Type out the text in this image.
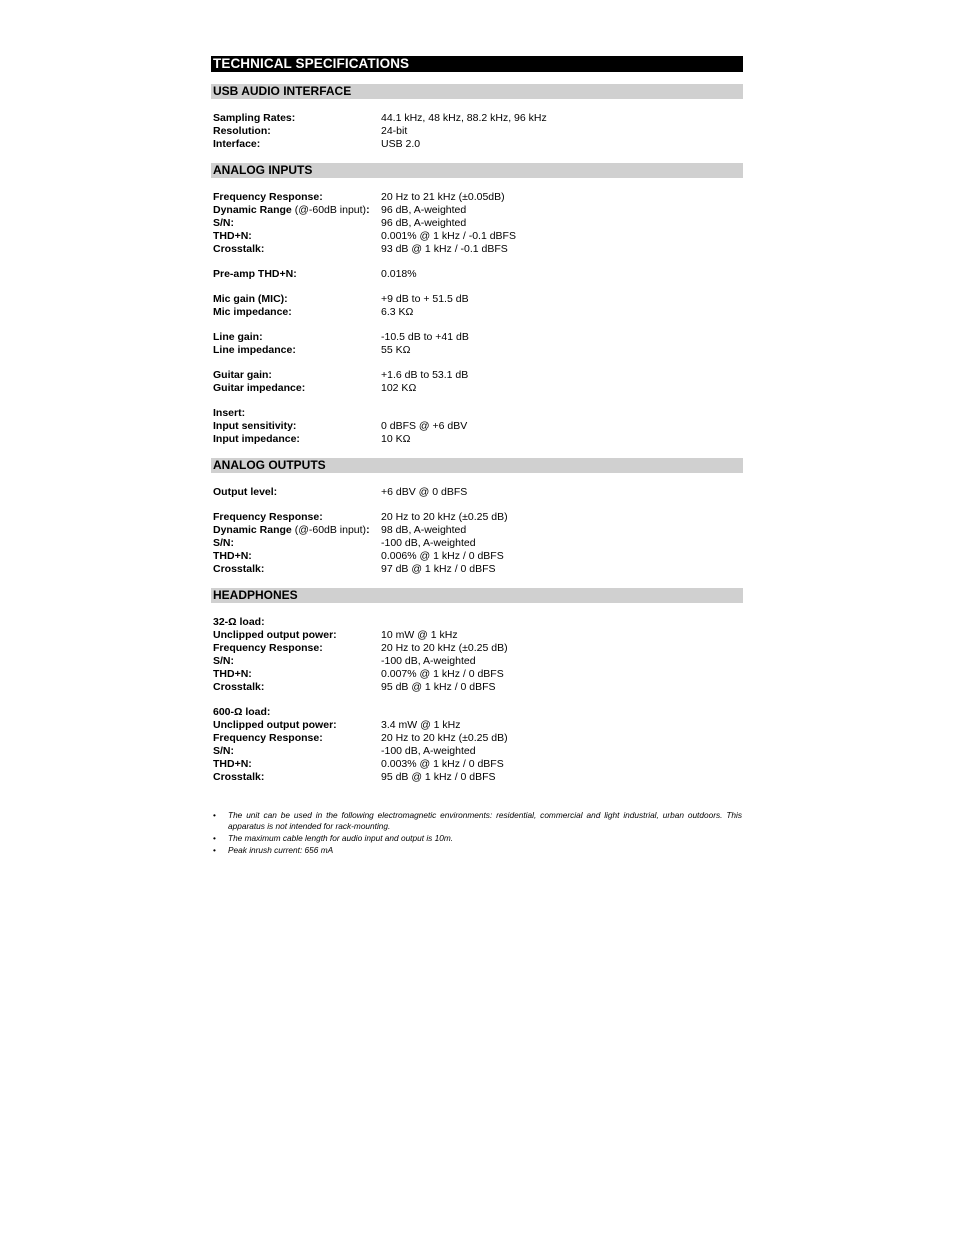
TECHNICAL SPECIFICATIONS
USB AUDIO INTERFACE
Sampling Rates:	44.1 kHz, 48 kHz, 88.2 kHz, 96 kHz
Resolution:	24-bit
Interface:	USB 2.0
ANALOG INPUTS
Frequency Response:	20 Hz to 21 kHz (±0.05dB)
Dynamic Range (@-60dB input):	96 dB, A-weighted
S/N:	96 dB, A-weighted
THD+N:	0.001% @ 1 kHz / -0.1 dBFS
Crosstalk:	93 dB @ 1 kHz / -0.1 dBFS
Pre-amp THD+N:	0.018%
Mic gain (MIC):	+9 dB to + 51.5 dB
Mic impedance:	6.3 KΩ
Line gain:	-10.5 dB to +41 dB
Line impedance:	55 KΩ
Guitar gain:	+1.6 dB to 53.1 dB
Guitar impedance:	102 KΩ
Insert:
Input sensitivity:	0 dBFS @ +6 dBV
Input impedance:	10 KΩ
ANALOG OUTPUTS
Output level:	+6 dBV @ 0 dBFS
Frequency Response:	20 Hz to 20 kHz (±0.25 dB)
Dynamic Range (@-60dB input):	98 dB, A-weighted
S/N:	-100 dB, A-weighted
THD+N:	0.006% @ 1 kHz / 0 dBFS
Crosstalk:	97 dB @ 1 kHz / 0 dBFS
HEADPHONES
32-Ω load:
Unclipped output power:	10 mW @ 1 kHz
Frequency Response:	20 Hz to 20 kHz (±0.25 dB)
S/N:	-100 dB, A-weighted
THD+N:	0.007% @ 1 kHz / 0 dBFS
Crosstalk:	95 dB @ 1 kHz / 0 dBFS
600-Ω load:
Unclipped output power:	3.4 mW @ 1 kHz
Frequency Response:	20 Hz to 20 kHz (±0.25 dB)
S/N:	-100 dB, A-weighted
THD+N:	0.003% @ 1 kHz / 0 dBFS
Crosstalk:	95 dB @ 1 kHz / 0 dBFS
•	The unit can be used in the following electromagnetic environments: residential, commercial and light industrial, urban outdoors. This apparatus is not intended for rack-mounting.
•	The maximum cable length for audio input and output is 10m.
•	Peak inrush current: 656 mA
